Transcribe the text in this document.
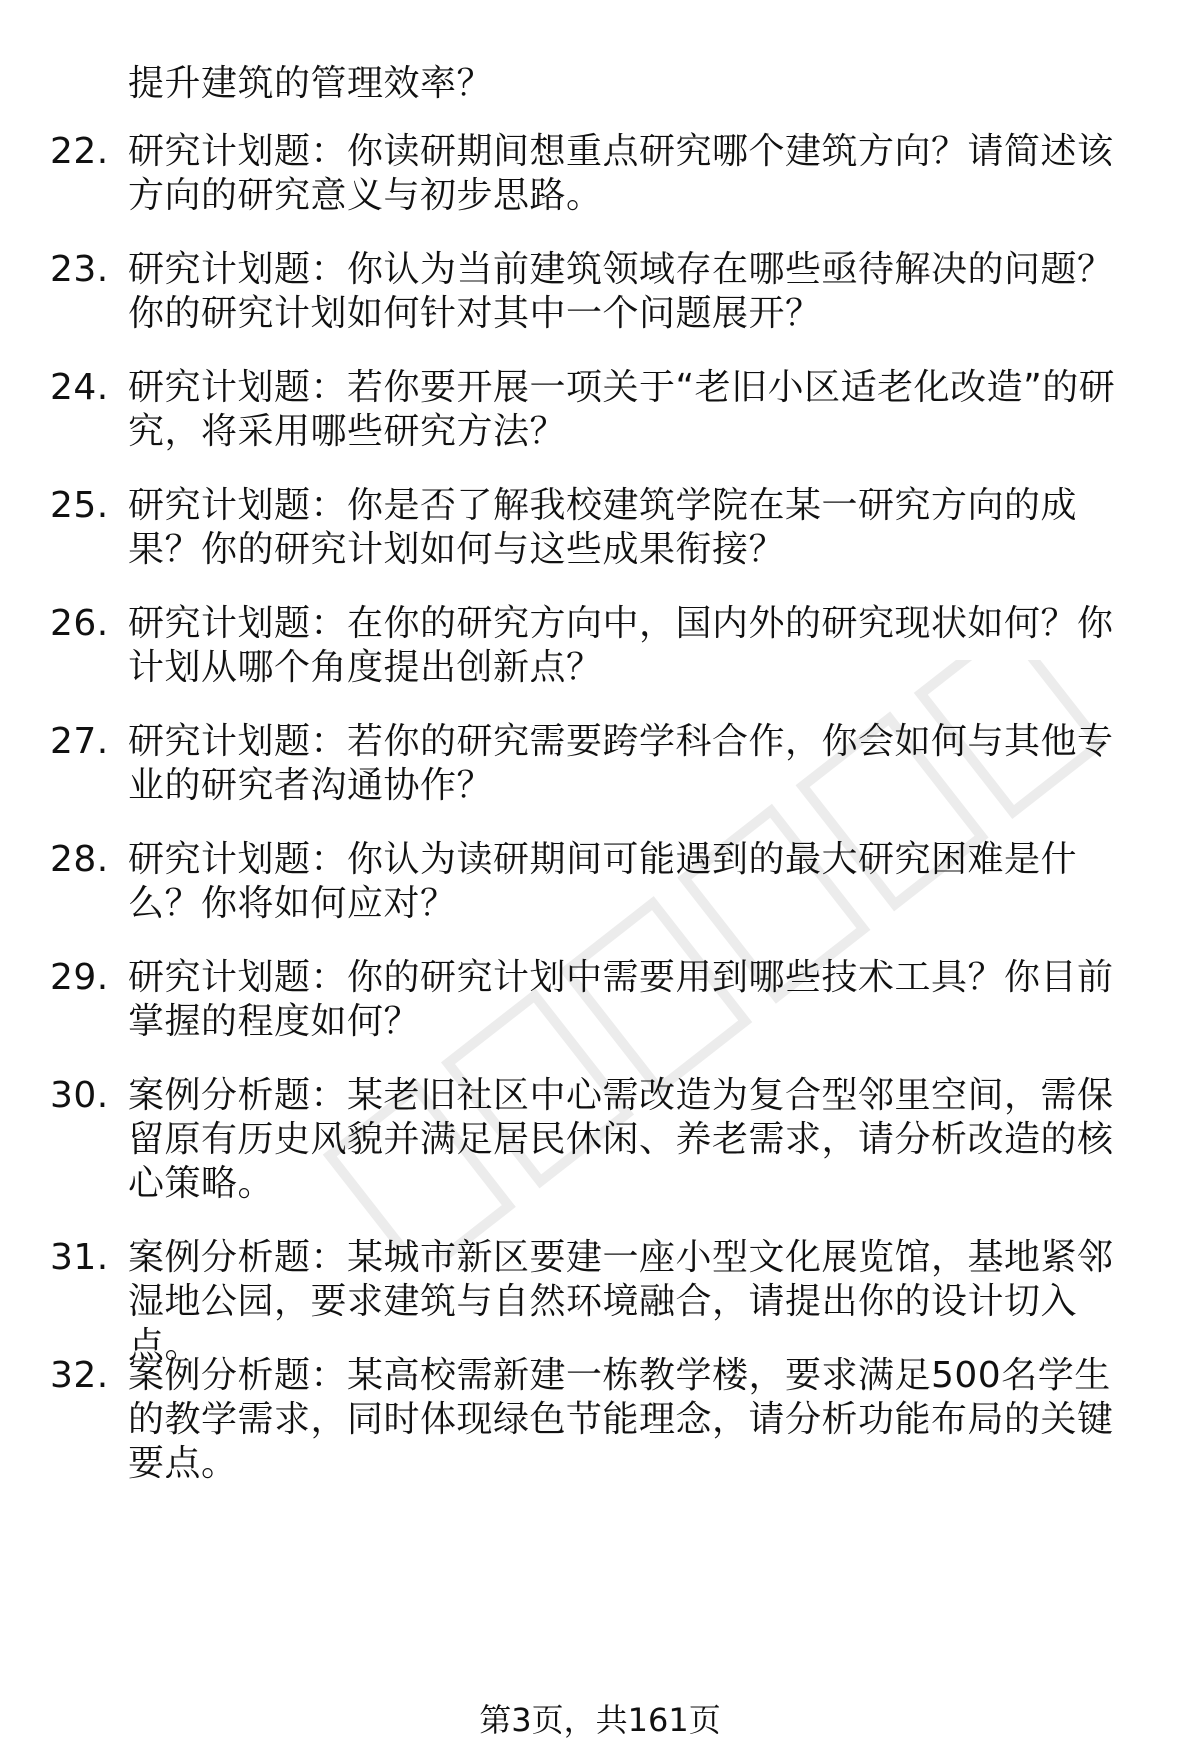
提升建筑的管理效率？
22. 研究计划题：你读研期间想重点研究哪个建筑方向？请简述该方向的研究意义与初步思路。
23. 研究计划题：你认为当前建筑领域存在哪些亟待解决的问题？你的研究计划如何针对其中一个问题展开？
24. 研究计划题：若你要开展一项关于“老旧小区适老化改造”的研究，将采用哪些研究方法？
25. 研究计划题：你是否了解我校建筑学院在某一研究方向的成果？你的研究计划如何与这些成果衔接？
26. 研究计划题：在你的研究方向中，国内外的研究现状如何？你计划从哪个角度提出创新点？
27. 研究计划题：若你的研究需要跨学科合作，你会如何与其他专业的研究者沟通协作？
28. 研究计划题：你认为读研期间可能遇到的最大研究困难是什么？你将如何应对？
29. 研究计划题：你的研究计划中需要用到哪些技术工具？你目前掌握的程度如何？
30. 案例分析题：某老旧社区中心需改造为复合型邻里空间，需保留原有历史风貌并满足居民休闲、养老需求，请分析改造的核心策略。
31. 案例分析题：某城市新区要建一座小型文化展览馆，基地紧邻湿地公园，要求建筑与自然环境融合，请提出你的设计切入点。
32. 案例分析题：某高校需新建一栋教学楼，要求满足500名学生的教学需求，同时体现绿色节能理念，请分析功能布局的关键要点。
第3页，共161页
